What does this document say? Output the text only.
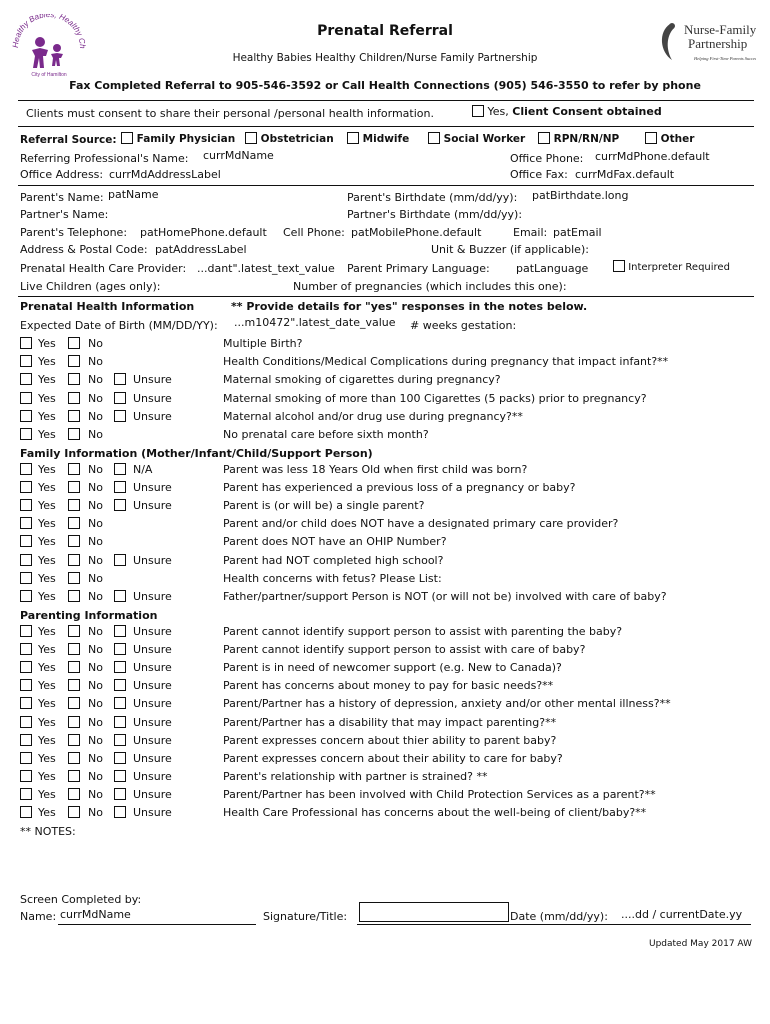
Healthy Babies, Healthy Ch
City of Hamilton
Nurse-Family
Partnership
Helping First-Time Parents Succeed
Prenatal Referral
Healthy Babies Healthy Children/Nurse Family Partnership
Fax Completed Referral to 905-546-3592 or Call Health Connections (905) 546-3550 to refer by phone
Clients must consent to share their personal /personal health information.	Yes, Client Consent obtained
Referral Source:	Family Physician	Obstetrician	Midwife	Social Worker	RPN/RN/NP	Other
Referring Professional's Name: currMdName	Office Phone: currMdPhone.default
Office Address: currMdAddressLabel	Office Fax: currMdFax.default
Parent's Name: patName	Parent's Birthdate (mm/dd/yy): patBirthdate.long
Partner's Name:	Partner's Birthdate (mm/dd/yy):
Parent's Telephone: patHomePhone.default Cell Phone: patMobilePhone.default	Email: patEmail
Address & Postal Code: patAddressLabel	Unit & Buzzer (if applicable):
Prenatal Health Care Provider: ...dant".latest_text_value Parent Primary Language: patLanguage	Interpreter Required
Live Children (ages only):	Number of pregnancies (which includes this one):
Prenatal Health Information	** Provide details for "yes" responses in the notes below.
Expected Date of Birth (MM/DD/YY): ...m10472".latest_date_value # weeks gestation:
Yes	No	Multiple Birth?
Yes	No	Health Conditions/Medical Complications during pregnancy that impact infant?**
Yes	No	Unsure	Maternal smoking of cigarettes during pregnancy?
Yes	No	Unsure	Maternal smoking of more than 100 Cigarettes (5 packs) prior to pregnancy?
Yes	No	Unsure	Maternal alcohol and/or drug use during pregnancy?**
Yes	No	No prenatal care before sixth month?
Family Information (Mother/Infant/Child/Support Person)
Yes	No	N/A	Parent was less 18 Years Old when first child was born?
Yes	No	Unsure	Parent has experienced a previous loss of a pregnancy or baby?
Yes	No	Unsure	Parent is (or will be) a single parent?
Yes	No	Parent and/or child does NOT have a designated primary care provider?
Yes	No	Parent does NOT have an OHIP Number?
Yes	No	Unsure	Parent had NOT completed high school?
Yes	No	Health concerns with fetus? Please List:
Yes	No	Unsure	Father/partner/support Person is NOT (or will not be) involved with care of baby?
Parenting Information
Yes	No	Unsure	Parent cannot identify support person to assist with parenting the baby?
Yes	No	Unsure	Parent cannot identify support person to assist with care of baby?
Yes	No	Unsure	Parent is in need of newcomer support (e.g. New to Canada)?
Yes	No	Unsure	Parent has concerns about money to pay for basic needs?**
Yes	No	Unsure	Parent/Partner has a history of depression, anxiety and/or other mental illness?**
Yes	No	Unsure	Parent/Partner has a disability that may impact parenting?**
Yes	No	Unsure	Parent expresses concern about thier ability to parent baby?
Yes	No	Unsure	Parent expresses concern about their ability to care for baby?
Yes	No	Unsure	Parent's relationship with partner is strained? **
Yes	No	Unsure	Parent/Partner has been involved with Child Protection Services as a parent?**
Yes	No	Unsure	Health Care Professional has concerns about the well-being of client/baby?**
** NOTES:
Screen Completed by:
Name: currMdName	Signature/Title:	Date (mm/dd/yy): ....dd / currentDate.yy
Updated May 2017 AW
